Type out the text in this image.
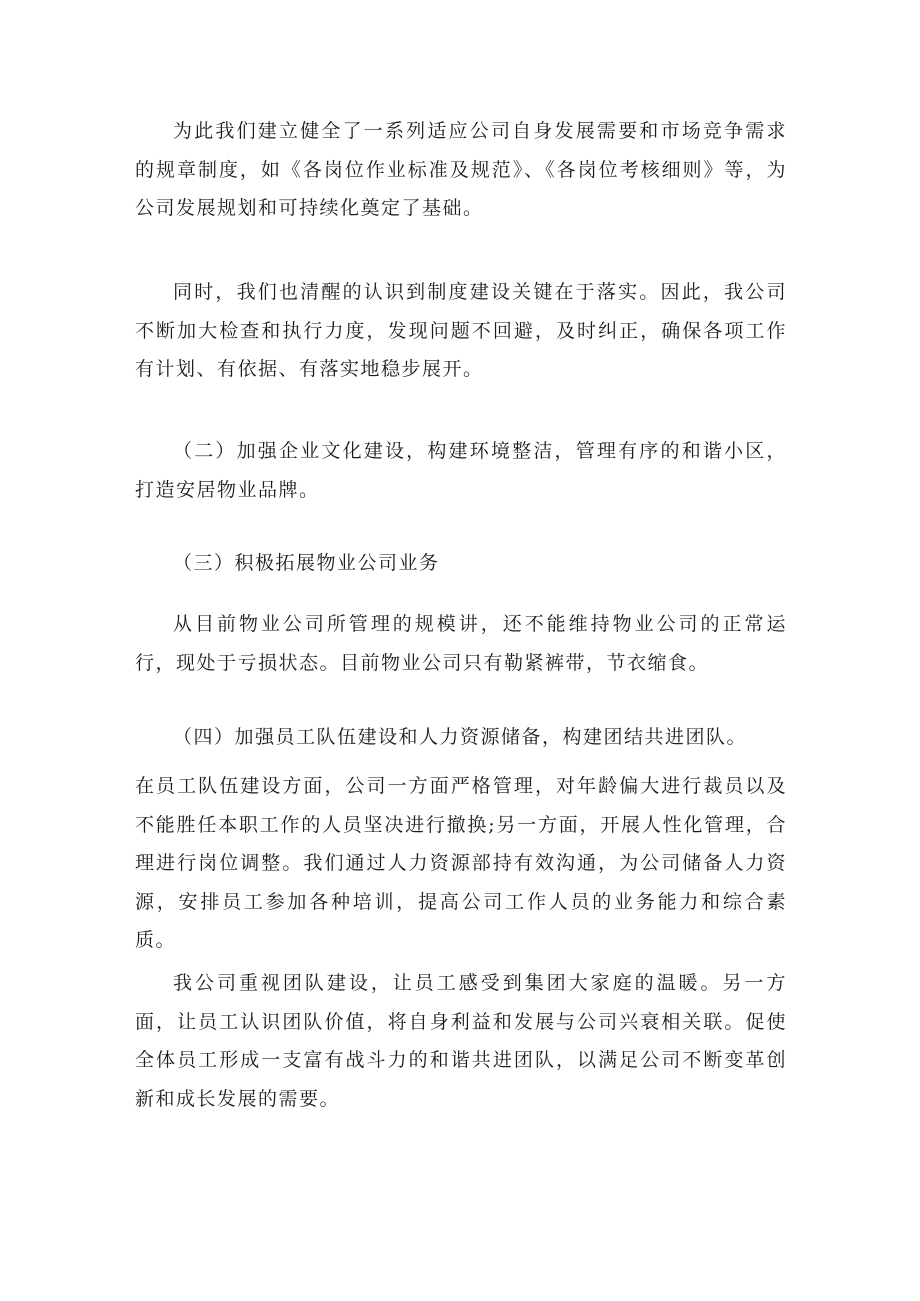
为此我们建立健全了一系列适应公司自身发展需要和市场竞争需求的规章制度，如《各岗位作业标准及规范》、《各岗位考核细则》等，为公司发展规划和可持续化奠定了基础。

同时，我们也清醒的认识到制度建设关键在于落实。因此，我公司不断加大检查和执行力度，发现问题不回避，及时纠正，确保各项工作有计划、有依据、有落实地稳步展开。

（二）加强企业文化建设，构建环境整洁，管理有序的和谐小区，打造安居物业品牌。

（三）积极拓展物业公司业务

从目前物业公司所管理的规模讲，还不能维持物业公司的正常运行，现处于亏损状态。目前物业公司只有勒紧裤带，节衣缩食。

（四）加强员工队伍建设和人力资源储备，构建团结共进团队。

在员工队伍建设方面，公司一方面严格管理，对年龄偏大进行裁员以及不能胜任本职工作的人员坚决进行撤换;另一方面，开展人性化管理，合理进行岗位调整。我们通过人力资源部持有效沟通，为公司储备人力资源，安排员工参加各种培训，提高公司工作人员的业务能力和综合素质。

我公司重视团队建设，让员工感受到集团大家庭的温暖。另一方面，让员工认识团队价值，将自身利益和发展与公司兴衰相关联。促使全体员工形成一支富有战斗力的和谐共进团队，以满足公司不断变革创新和成长发展的需要。
